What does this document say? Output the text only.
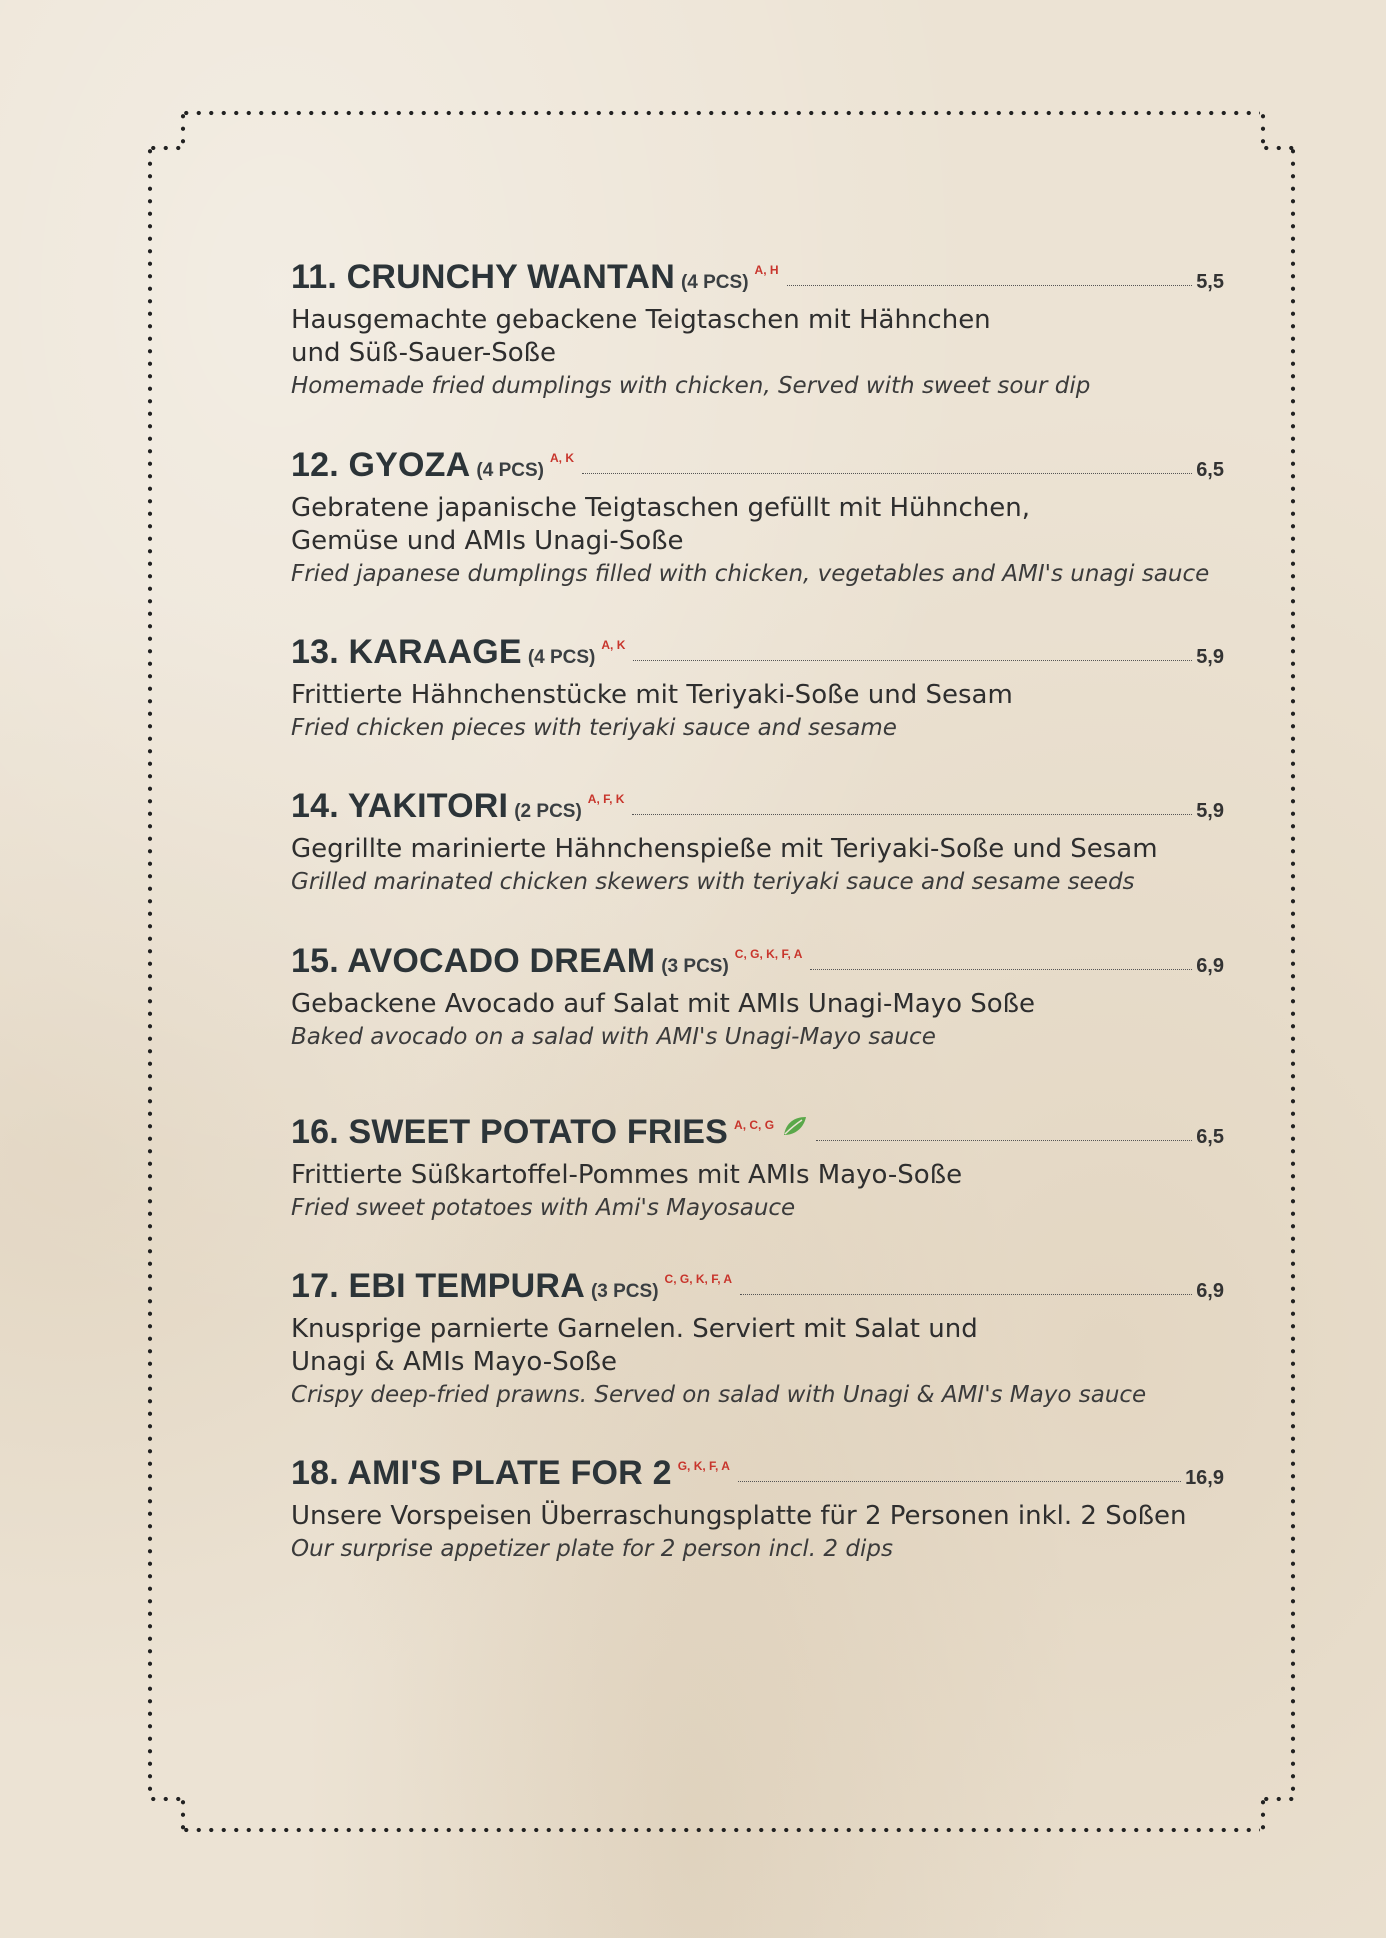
11. CRUNCHY WANTAN (4 PCS)
A, H
5,5
Hausgemachte gebackene Teigtaschen mit Hähnchen
und Süß-Sauer-Soße
Homemade fried dumplings with chicken, Served with sweet sour dip
12. GYOZA (4 PCS)
A, K
6,5
Gebratene japanische Teigtaschen gefüllt mit Hühnchen,
Gemüse und AMIs Unagi-Soße
Fried japanese dumplings filled with chicken, vegetables and AMI's unagi sauce
13. KARAAGE (4 PCS)
A, K
5,9
Frittierte Hähnchenstücke mit Teriyaki-Soße und Sesam
Fried chicken pieces with teriyaki sauce and sesame
14. YAKITORI (2 PCS)
A, F, K
5,9
Gegrillte marinierte Hähnchenspieße mit Teriyaki-Soße und Sesam
Grilled marinated chicken skewers with teriyaki sauce and sesame seeds
15. AVOCADO DREAM (3 PCS)
C, G, K, F, A
6,9
Gebackene Avocado auf Salat mit AMIs Unagi-Mayo Soße
Baked avocado on a salad with AMI's Unagi-Mayo sauce
16. SWEET POTATO FRIES A, C, G
6,5
Frittierte Süßkartoffel-Pommes mit AMIs Mayo-Soße
Fried sweet potatoes with Ami's Mayosauce
17. EBI TEMPURA (3 PCS)
C, G, K, F, A
6,9
Knusprige parnierte Garnelen. Serviert mit Salat und
Unagi & AMIs Mayo-Soße
Crispy deep-fried prawns. Served on salad with Unagi & AMI's Mayo sauce
18. AMI'S PLATE FOR 2 G, K, F, A
16,9
Unsere Vorspeisen Überraschungsplatte für 2 Personen inkl. 2 Soßen
Our surprise appetizer plate for 2 person incl. 2 dips
